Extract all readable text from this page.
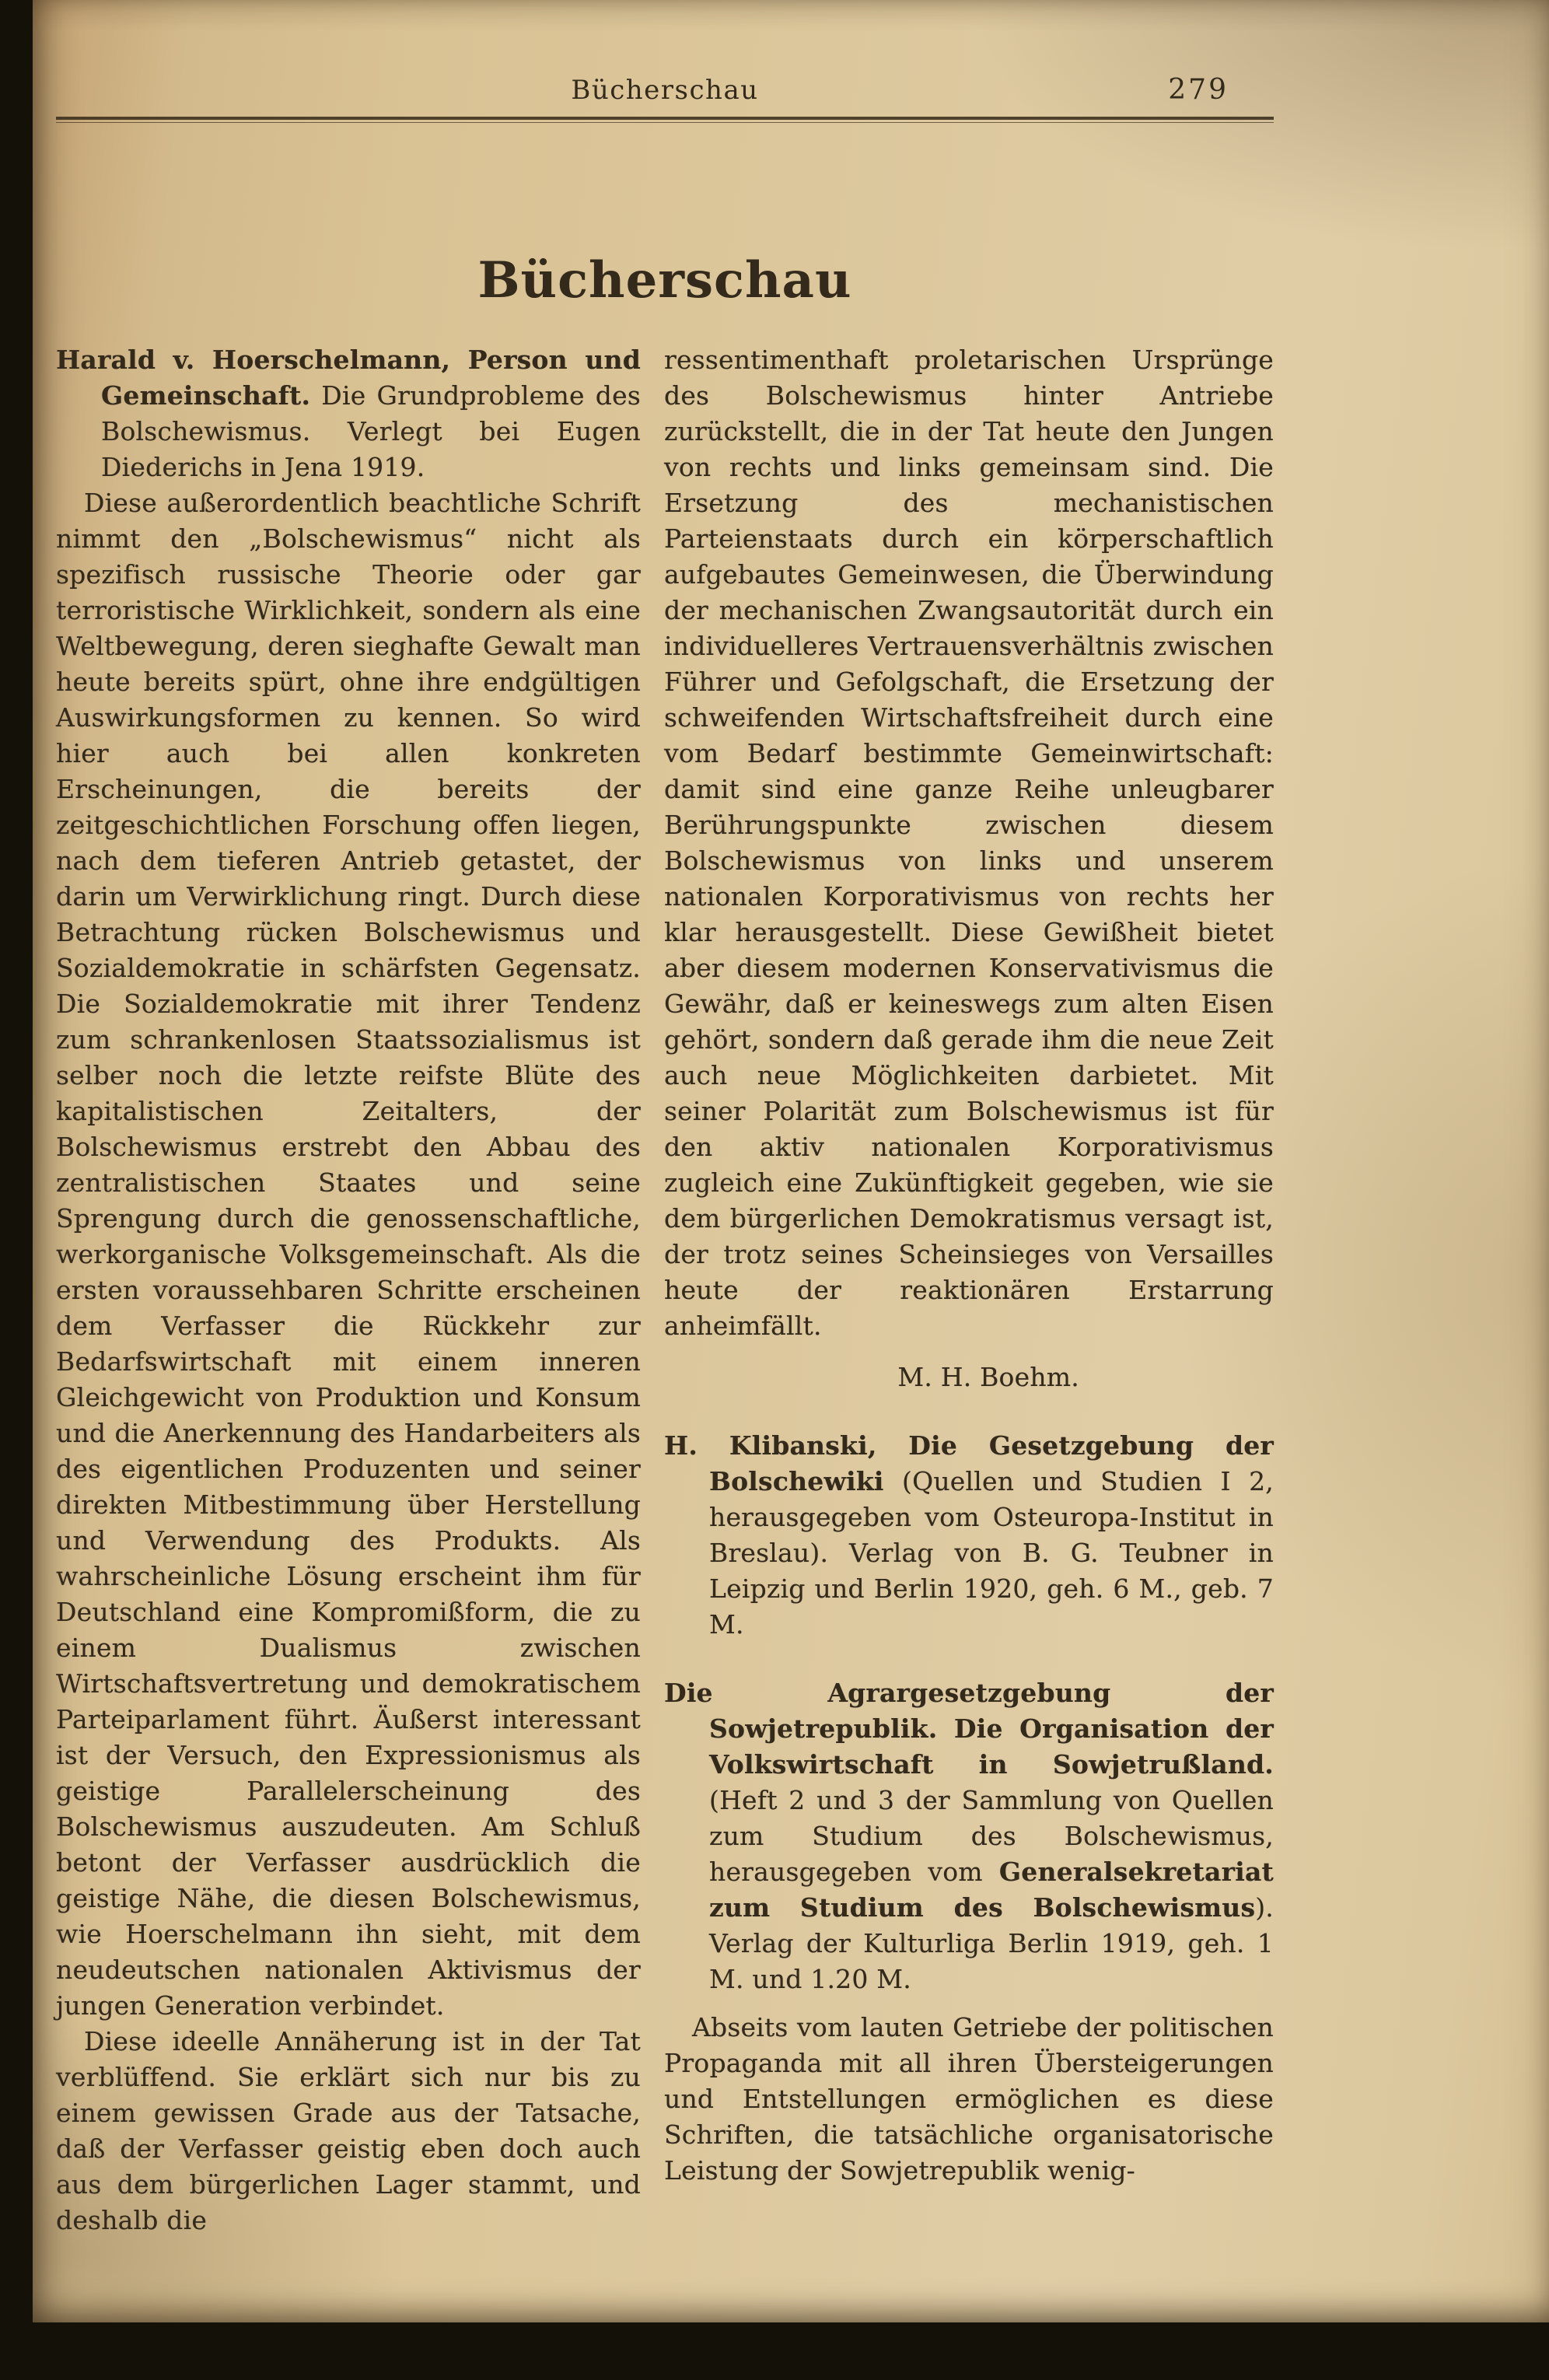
Bücherschau	279
Bücherschau

Harald v. Hoerschelmann, Person und Gemeinschaft. Die Grundprobleme des Bolschewismus. Verlegt bei Eugen Diederichs in Jena 1919.

Diese außerordentlich beachtliche Schrift nimmt den „Bolschewismus“ nicht als spezifisch russische Theorie oder gar terroristische Wirklichkeit, sondern als eine Weltbewegung, deren sieghafte Gewalt man heute bereits spürt, ohne ihre endgültigen Auswirkungsformen zu kennen. So wird hier auch bei allen konkreten Erscheinungen, die bereits der zeitgeschichtlichen Forschung offen liegen, nach dem tieferen Antrieb getastet, der darin um Verwirklichung ringt. Durch diese Betrachtung rücken Bolschewismus und Sozialdemokratie in schärfsten Gegensatz. Die Sozialdemokratie mit ihrer Tendenz zum schrankenlosen Staatssozialismus ist selber noch die letzte reifste Blüte des kapitalistischen Zeitalters, der Bolschewismus erstrebt den Abbau des zentralistischen Staates und seine Sprengung durch die genossenschaftliche, werkorganische Volksgemeinschaft. Als die ersten voraussehbaren Schritte erscheinen dem Verfasser die Rückkehr zur Bedarfswirtschaft mit einem inneren Gleichgewicht von Produktion und Konsum und die Anerkennung des Handarbeiters als des eigentlichen Produzenten und seiner direkten Mitbestimmung über Herstellung und Verwendung des Produkts. Als wahrscheinliche Lösung erscheint ihm für Deutschland eine Kompromißform, die zu einem Dualismus zwischen Wirtschaftsvertretung und demokratischem Parteiparlament führt. Äußerst interessant ist der Versuch, den Expressionismus als geistige Parallelerscheinung des Bolschewismus auszudeuten. Am Schluß betont der Verfasser ausdrücklich die geistige Nähe, die diesen Bolschewismus, wie Hoerschelmann ihn sieht, mit dem neudeutschen nationalen Aktivismus der jungen Generation verbindet.

Diese ideelle Annäherung ist in der Tat verblüffend. Sie erklärt sich nur bis zu einem gewissen Grade aus der Tatsache, daß der Verfasser geistig eben doch auch aus dem bürgerlichen Lager stammt, und deshalb die

ressentimenthaft proletarischen Ursprünge des Bolschewismus hinter Antriebe zurückstellt, die in der Tat heute den Jungen von rechts und links gemeinsam sind. Die Ersetzung des mechanistischen Parteienstaats durch ein körperschaftlich aufgebautes Gemeinwesen, die Überwindung der mechanischen Zwangsautorität durch ein individuelleres Vertrauensverhältnis zwischen Führer und Gefolgschaft, die Ersetzung der schweifenden Wirtschaftsfreiheit durch eine vom Bedarf bestimmte Gemeinwirtschaft: damit sind eine ganze Reihe unleugbarer Berührungspunkte zwischen diesem Bolschewismus von links und unserem nationalen Korporativismus von rechts her klar herausgestellt. Diese Gewißheit bietet aber diesem modernen Konservativismus die Gewähr, daß er keineswegs zum alten Eisen gehört, sondern daß gerade ihm die neue Zeit auch neue Möglichkeiten darbietet. Mit seiner Polarität zum Bolschewismus ist für den aktiv nationalen Korporativismus zugleich eine Zukünftigkeit gegeben, wie sie dem bürgerlichen Demokratismus versagt ist, der trotz seines Scheinsieges von Versailles heute der reaktionären Erstarrung anheimfällt.

M. H. Boehm.

H. Klibanski, Die Gesetzgebung der Bolschewiki (Quellen und Studien I 2, herausgegeben vom Osteuropa-Institut in Breslau). Verlag von B. G. Teubner in Leipzig und Berlin 1920, geh. 6 M., geb. 7 M.

Die Agrargesetzgebung der Sowjetrepublik. Die Organisation der Volkswirtschaft in Sowjetrußland. (Heft 2 und 3 der Sammlung von Quellen zum Studium des Bolschewismus, herausgegeben vom Generalsekretariat zum Studium des Bolschewismus). Verlag der Kulturliga Berlin 1919, geh. 1 M. und 1.20 M.

Abseits vom lauten Getriebe der politischen Propaganda mit all ihren Übersteigerungen und Entstellungen ermöglichen es diese Schriften, die tatsächliche organisatorische Leistung der Sowjetrepublik wenig-
